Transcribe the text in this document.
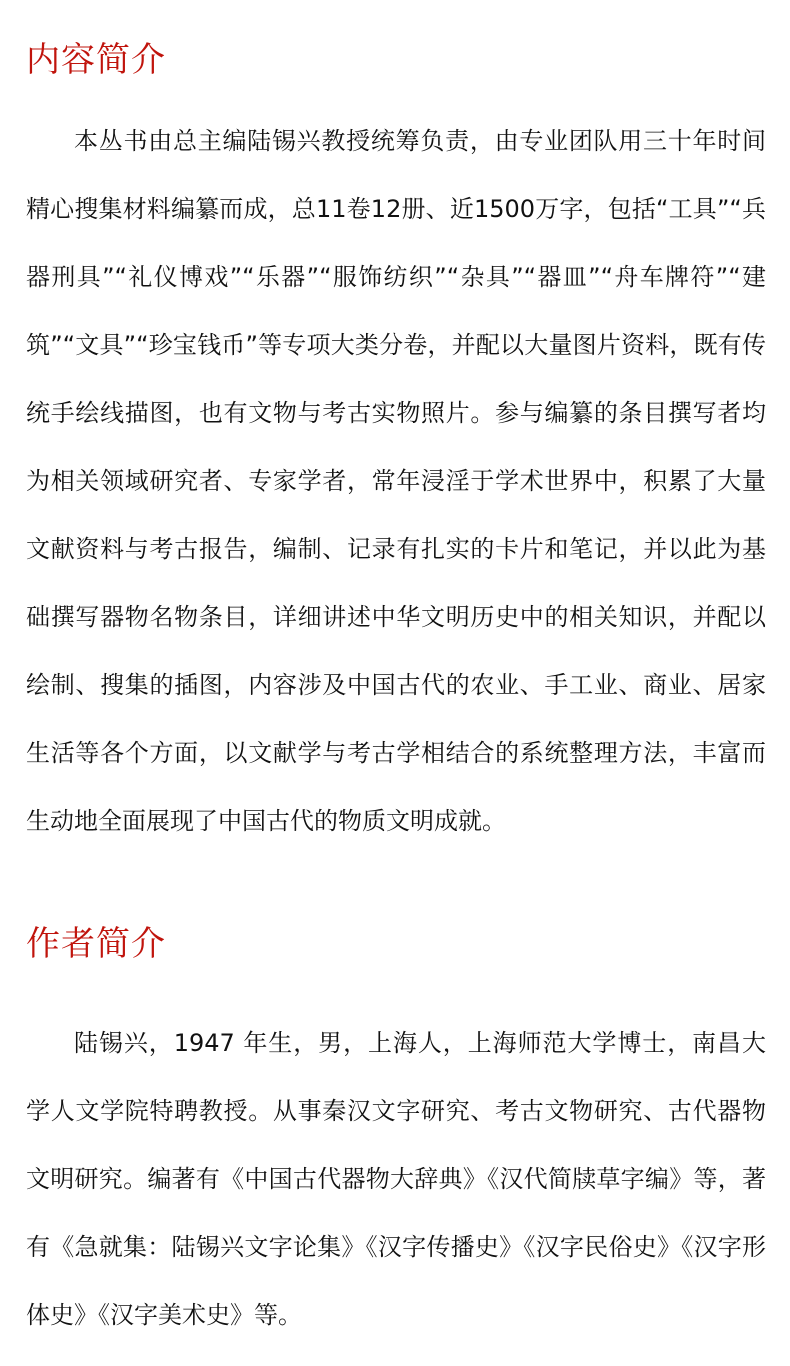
内容简介

本丛书由总主编陆锡兴教授统筹负责，由专业团队用三十年时间精心搜集材料编纂而成，总11卷12册、近1500万字，包括“工具”“兵器刑具”“礼仪博戏”“乐器”“服饰纺织”“杂具”“器皿”“舟车牌符”“建筑”“文具”“珍宝钱币”等专项大类分卷，并配以大量图片资料，既有传统手绘线描图，也有文物与考古实物照片。参与编纂的条目撰写者均为相关领域研究者、专家学者，常年浸淫于学术世界中，积累了大量文献资料与考古报告，编制、记录有扎实的卡片和笔记，并以此为基础撰写器物名物条目，详细讲述中华文明历史中的相关知识，并配以绘制、搜集的插图，内容涉及中国古代的农业、手工业、商业、居家生活等各个方面，以文献学与考古学相结合的系统整理方法，丰富而生动地全面展现了中国古代的物质文明成就。

作者简介

陆锡兴，1947 年生，男，上海人，上海师范大学博士，南昌大学人文学院特聘教授。从事秦汉文字研究、考古文物研究、古代器物文明研究。编著有《中国古代器物大辞典》《汉代简牍草字编》等，著有《急就集：陆锡兴文字论集》《汉字传播史》《汉字民俗史》《汉字形体史》《汉字美术史》等。
